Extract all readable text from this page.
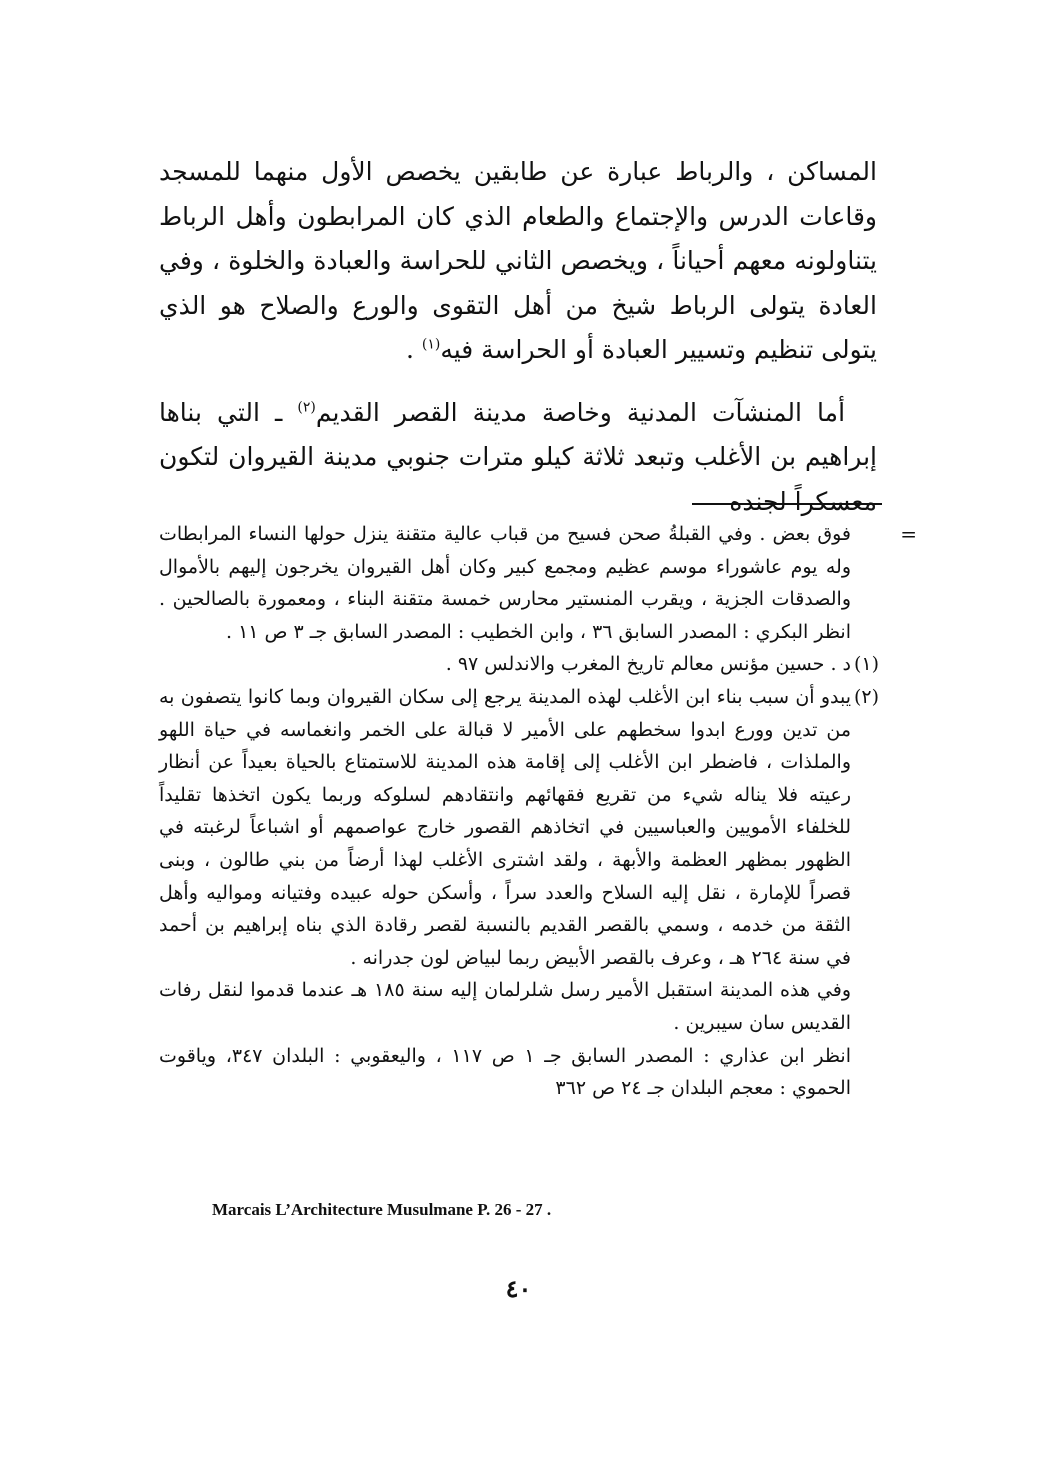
المساكن ، والرباط عبارة عن طابقين يخصص الأول منهما للمسجد وقاعات الدرس والإجتماع والطعام الذي كان المرابطون وأهل الرباط يتناولونه معهم أحياناً ، ويخصص الثاني للحراسة والعبادة والخلوة ، وفي العادة يتولى الرباط شيخ من أهل التقوى والورع والصلاح هو الذي يتولى تنظيم وتسيير العبادة أو الحراسة فيه$^{(١)}$ .

أما المنشآت المدنية وخاصة مدينة القصر القديم$^{(٢)}$ ـ التي بناها إبراهيم بن الأغلب وتبعد ثلاثة كيلو مترات جنوبي مدينة القيروان لتكون معسكراً لجنده

=
فوق بعض . وفي القبلةُ صحن فسيح من قباب عالية متقنة ينزل حولها النساء المرابطات وله يوم عاشوراء موسم عظيم ومجمع كبير وكان أهل القيروان يخرجون إليهم بالأموال والصدقات الجزية ، ويقرب المنستير محارس خمسة متقنة البناء ، ومعمورة بالصالحين . انظر البكري : المصدر السابق ٣٦ ، وابن الخطيب : المصدر السابق جـ ٣ ص ١١ .

(١)
د . حسين مؤنس معالم تاريخ المغرب والاندلس ٩٧ .

(٢)
يبدو أن سبب بناء ابن الأغلب لهذه المدينة يرجع إلى سكان القيروان وبما كانوا يتصفون به من تدين وورع ابدوا سخطهم على الأمير لا قبالة على الخمر وانغماسه في حياة اللهو والملذات ، فاضطر ابن الأغلب إلى إقامة هذه المدينة للاستمتاع بالحياة بعيداً عن أنظار رعيته فلا يناله شيء من تقريع فقهائهم وانتقادهم لسلوكه وربما يكون اتخذها تقليداً للخلفاء الأمويين والعباسيين في اتخاذهم القصور خارج عواصمهم أو اشباعاً لرغبته في الظهور بمظهر العظمة والأبهة ، ولقد اشترى الأغلب لهذا أرضاً من بني طالون ، وبنى قصراً للإمارة ، نقل إليه السلاح والعدد سراً ، وأسكن حوله عبيده وفتيانه ومواليه وأهل الثقة من خدمه ، وسمي بالقصر القديم بالنسبة لقصر رقادة الذي بناه إبراهيم بن أحمد في سنة ٢٦٤ هـ ، وعرف بالقصر الأبيض ربما لبياض لون جدرانه .

وفي هذه المدينة استقبل الأمير رسل شلرلمان إليه سنة ١٨٥ هـ عندما قدموا لنقل رفات القديس سان سيبرين .

انظر ابن عذاري : المصدر السابق جـ ١ ص ١١٧ ، واليعقوبي : البلدان ٣٤٧، وياقوت الحموي : معجم البلدان جـ ٢٤ ص ٣٦٢

Marcais L’Architecture Musulmane P. 26 - 27 .
٤٠
